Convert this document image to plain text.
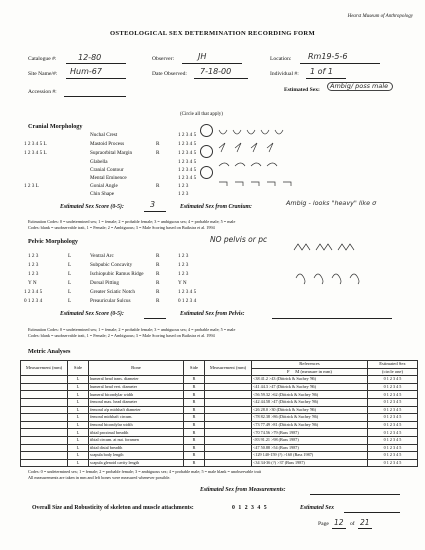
Hearst Museum of Anthropology
OSTEOLOGICAL SEX DETERMINATION RECORDING FORM
Catalogue #:	12-80	Observer:	JH	Location: Rm19-5-6
Site Name/#: Hum-67	Date Observed: 7-18-00	Individual #: 1 of 1
Accession #:	Estimated Sex:	Ambig/ poss male
(Circle all that apply)
Cranial Morphology
Nuchal Crest	1 2 3 4 5
1 2 3 4 5 L	Mastoid Process	R	1 2 3 4 5
1 2 3 4 5 L	Supraorbital Margin	R	1 2 3 4 5
Glabella	1 2 3 4 5
Cranial Contour	1 2 3 4 5
Mental Eminence	1 2 3 4 5
1 2 3 L	Gonial Angle	R	1 2 3
Chin Shape	1 2 3
Estimated Sex Score (0-5):	3	Estimated Sex from Cranium:	Ambig - looks "heavy" like σ
Estimation Codes: 0 = undetermined sex; 1 = female; 2 = probable female; 3 = ambiguous sex; 4 = probable male; 5 = male
Codes: blank = unobservable trait, 1 = Female; 2 = Ambiguous; 3 = Male Scoring based on Buikstra et al. 1994
Pelvic Morphology	NO pelvis or pc
1 2 3	L	Ventral Arc	R	1 2 3
1 2 3	L	Subpubic Concavity	R	1 2 3
1 2 3	L	Ischiopubic Ramus Ridge R	1 2 3
Y N	L	Dorsal Pitting	R	Y N
1 2 3 4 5	L	Greater Sciatic Notch	R	1 2 3 4 5
0 1 2 3 4	L	Preauricular Sulcus	R	0 1 2 3 4
Estimated Sex Score (0-5):	Estimated Sex from Pelvis:
Estimation Codes: 0 = undetermined sex; 1 = female; 2 = probable female; 3 = ambiguous sex; 4 = probable male; 5 = male
Codes: blank = unobservable trait, 1 = Female; 2 = Ambiguous; 3 = Male Scoring based on Buikstra et al. 1994
Metric Analyses
Measurement (mm)	Side	Bone	Side	Measurement (mm)	References	Estimated Sex
					F M (measure in mm)	(circle one)
	L	humeral head trans. diameter	R		<38 41.2 >43 (Dittrick & Suchey '86)	0 1 2 3 4 5
	L	humeral head vert. diameter	R		<41 44.3 >47 (Dittrick & Suchey '86)	0 1 2 3 4 5
	L	humeral bicondylar width	R		<56 59.32 >62 (Dittrick & Suchey '86)	0 1 2 3 4 5
	L	femoral max. head diameter	R		<42 44.58 >47 (Dittrick & Suchey '86)	0 1 2 3 4 5
	L	femoral a/p midshaft diameter	R		<26 28.0 >30 (Dittrick & Suchey '86)	0 1 2 3 4 5
	L	femoral midshaft circum.	R		<78 82.38 >86 (Dittrick & Suchey '86)	0 1 2 3 4 5
	L	femoral bicondylar width	R		<73 77.49 >81 (Dittrick & Suchey '86)	0 1 2 3 4 5
	L	tibial proximal breadth	R		<70 74.56 >79 (Bass 1987)	0 1 2 3 4 5
	L	tibial circum. at nut. foramen	R		<83 91.21 >98 (Bass 1987)	0 1 2 3 4 5
	L	tibial distal breadth	R		<47 50.88 >54 (Bass 1987)	0 1 2 3 4 5
	L	scapula body length	R		<129 140-159 (?) >160 (Bass 1987)	0 1 2 3 4 5
	L	scapula glenoid cavity length	R		<34 34-36 (?) >37 (Bass 1987)	0 1 2 3 4 5
Codes: 0 = undetermined sex; 1 = female; 2 = probable female; 3 = ambiguous sex; 4 = probable male; 5 = male blank = unobservable trait
All measurements are taken in mm and left bones were measured whenever possible.
Estimated Sex from Measurements:
Overall Size and Robusticity of skeleton and muscle attachments:	0 1 2 3 4 5	Estimated Sex
Page 12 of 21
